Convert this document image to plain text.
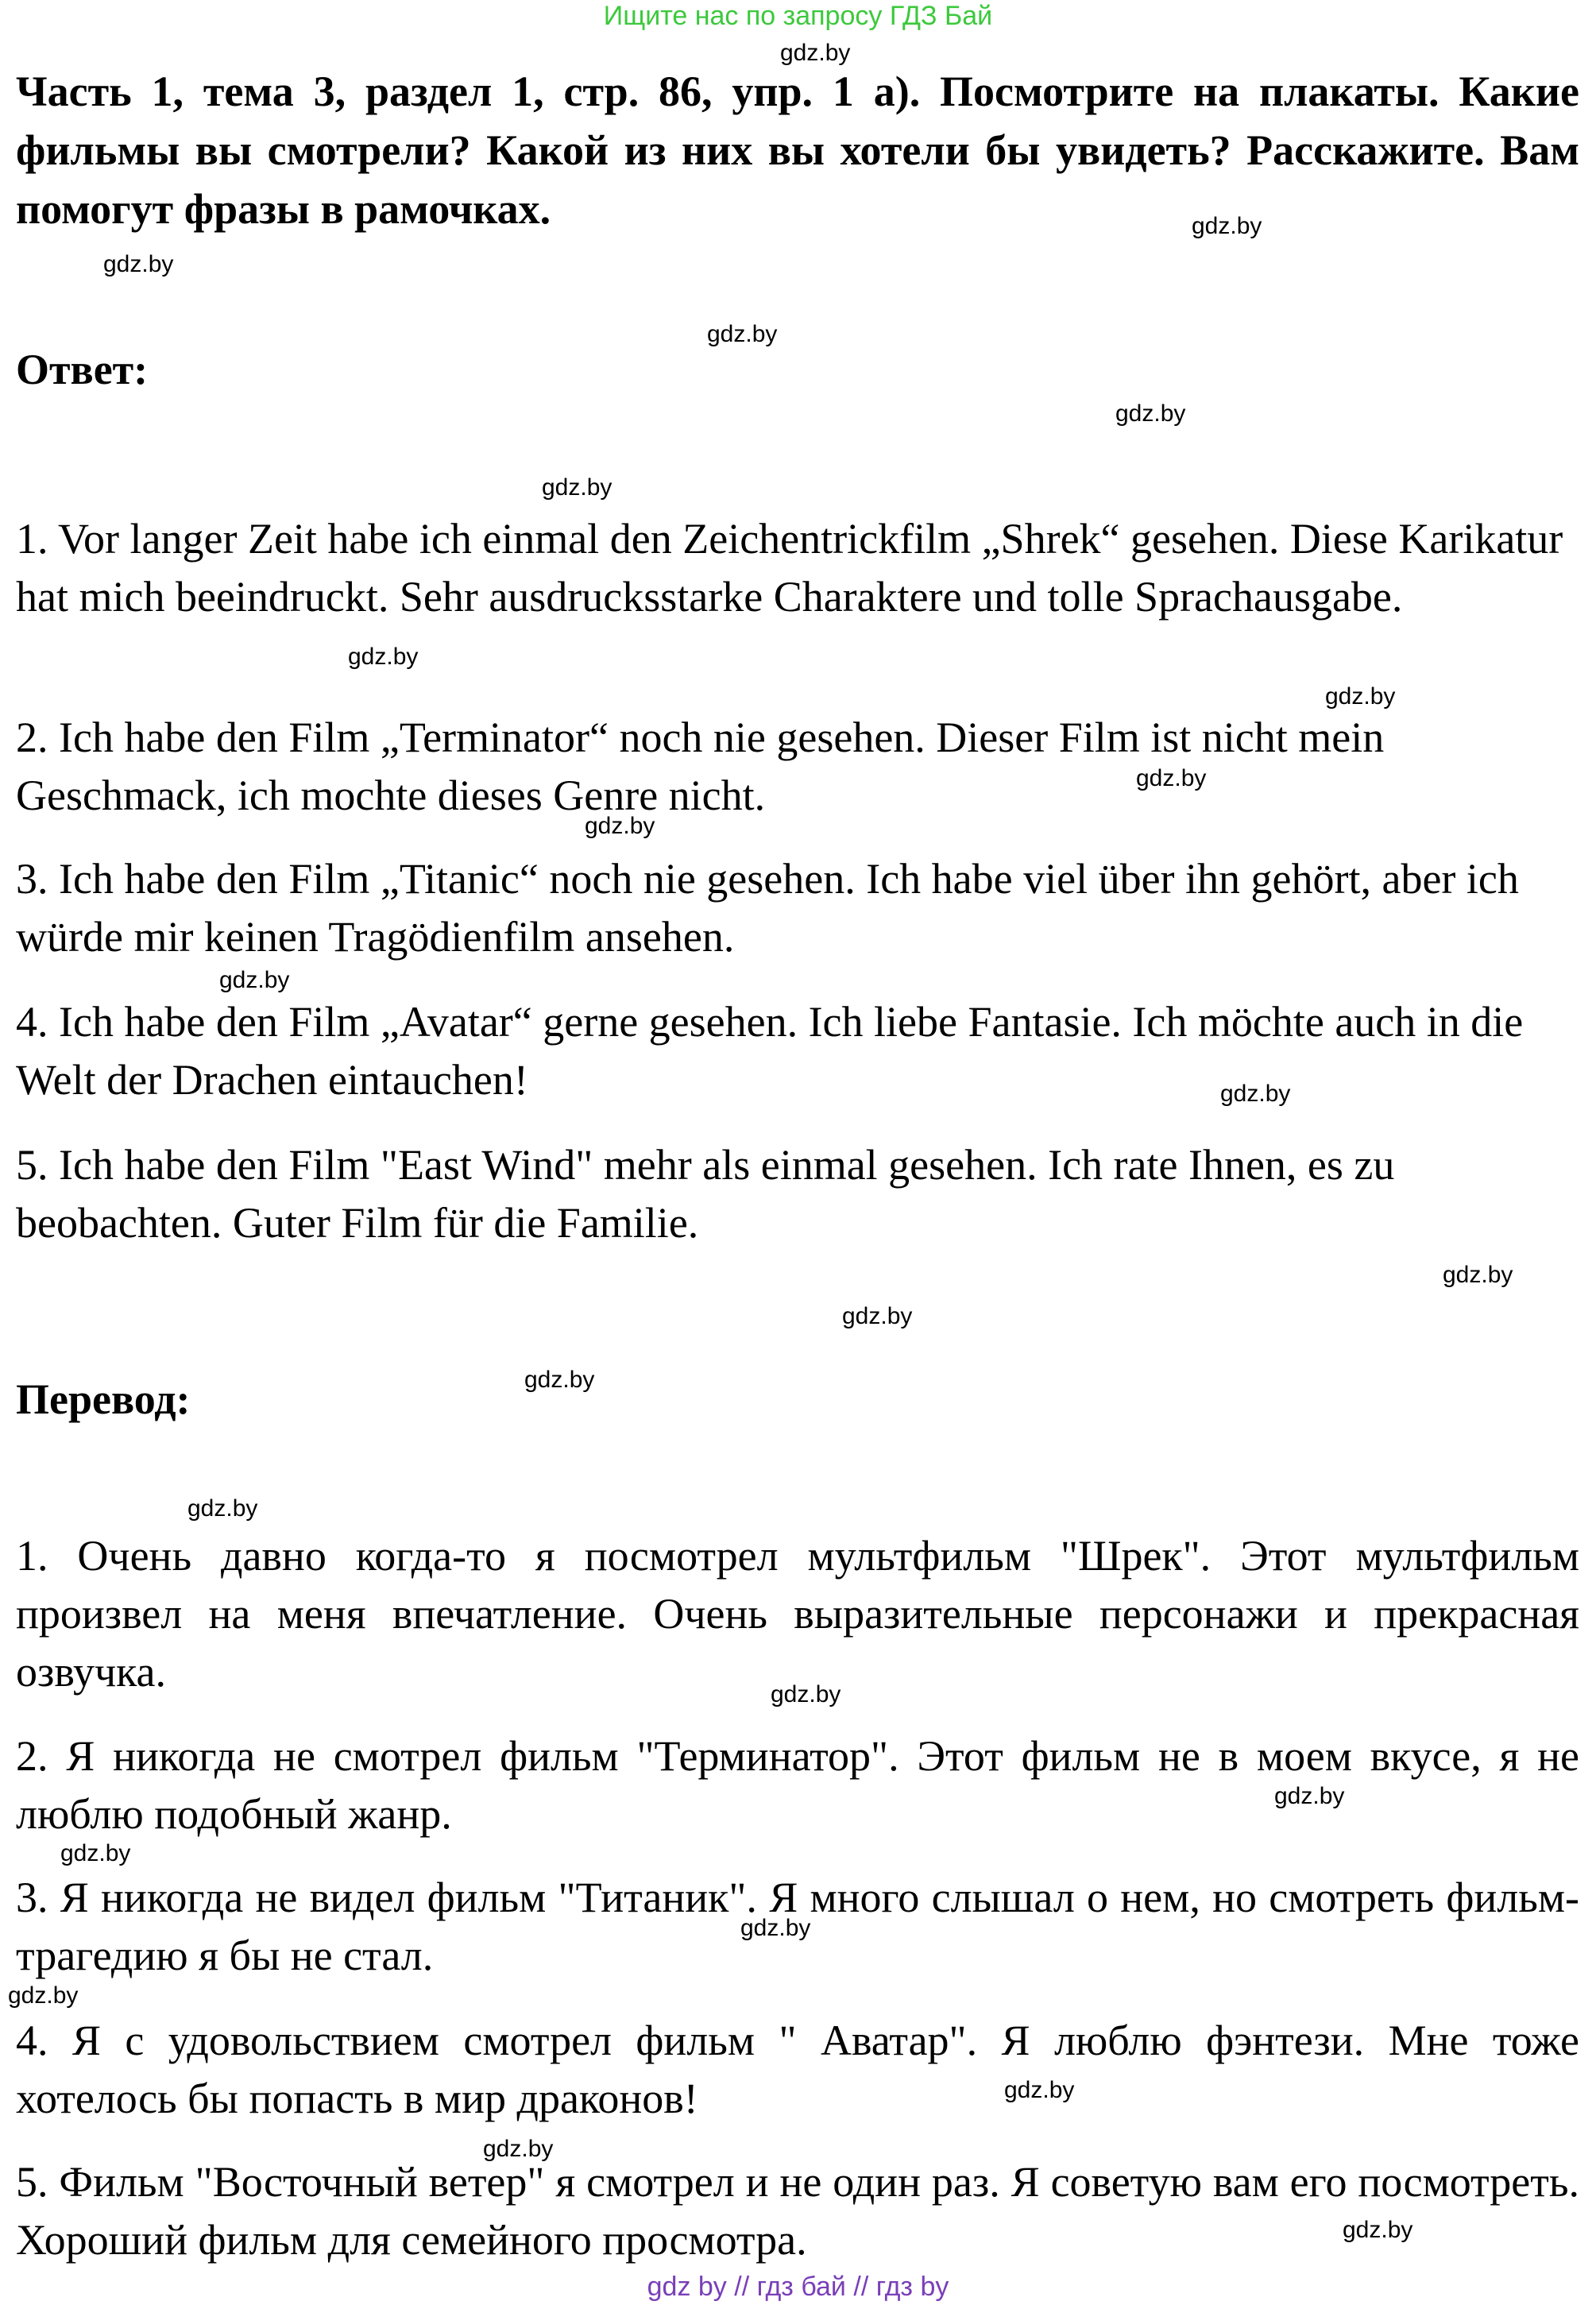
Ищите нас по запросу ГДЗ Бай
Часть 1, тема 3, раздел 1, стр. 86, упр. 1 а). Посмотрите на плакаты. Какие фильмы вы смотрели? Какой из них вы хотели бы увидеть? Расскажите. Вам помогут фразы в рамочках.
Ответ:
1. Vor langer Zeit habe ich einmal den Zeichentrickfilm „Shrek“ gesehen. Diese Karikatur hat mich beeindruckt. Sehr ausdrucksstarke Charaktere und tolle Sprachausgabe.
2. Ich habe den Film „Terminator“ noch nie gesehen. Dieser Film ist nicht mein Geschmack, ich mochte dieses Genre nicht.
3. Ich habe den Film „Titanic“ noch nie gesehen. Ich habe viel über ihn gehört, aber ich würde mir keinen Tragödienfilm ansehen.
4. Ich habe den Film „Avatar“ gerne gesehen. Ich liebe Fantasie. Ich möchte auch in die Welt der Drachen eintauchen!
5. Ich habe den Film "East Wind" mehr als einmal gesehen. Ich rate Ihnen, es zu beobachten. Guter Film für die Familie.
Перевод:
1. Очень давно когда-то я посмотрел мультфильм "Шрек". Этот мультфильм произвел на меня впечатление. Очень выразительные персонажи и прекрасная озвучка.
2. Я никогда не смотрел фильм "Терминатор". Этот фильм не в моем вкусе, я не люблю подобный жанр.
3. Я никогда не видел фильм "Титаник". Я много слышал о нем, но смотреть фильм- трагедию я бы не стал.
4. Я с удовольствием смотрел фильм " Аватар". Я люблю фэнтези. Мне тоже хотелось бы попасть в мир драконов!
5. Фильм "Восточный ветер" я смотрел и не один раз. Я советую вам его посмотреть. Хороший фильм для семейного просмотра.
gdz.by
gdz.by
gdz.by
gdz.by
gdz.by
gdz.by
gdz.by
gdz.by
gdz.by
gdz.by
gdz.by
gdz.by
gdz.by
gdz.by
gdz.by
gdz.by
gdz.by
gdz.by
gdz.by
gdz.by
gdz.by
gdz.by
gdz.by
gdz.by
gdz by // гдз бай // гдз by
